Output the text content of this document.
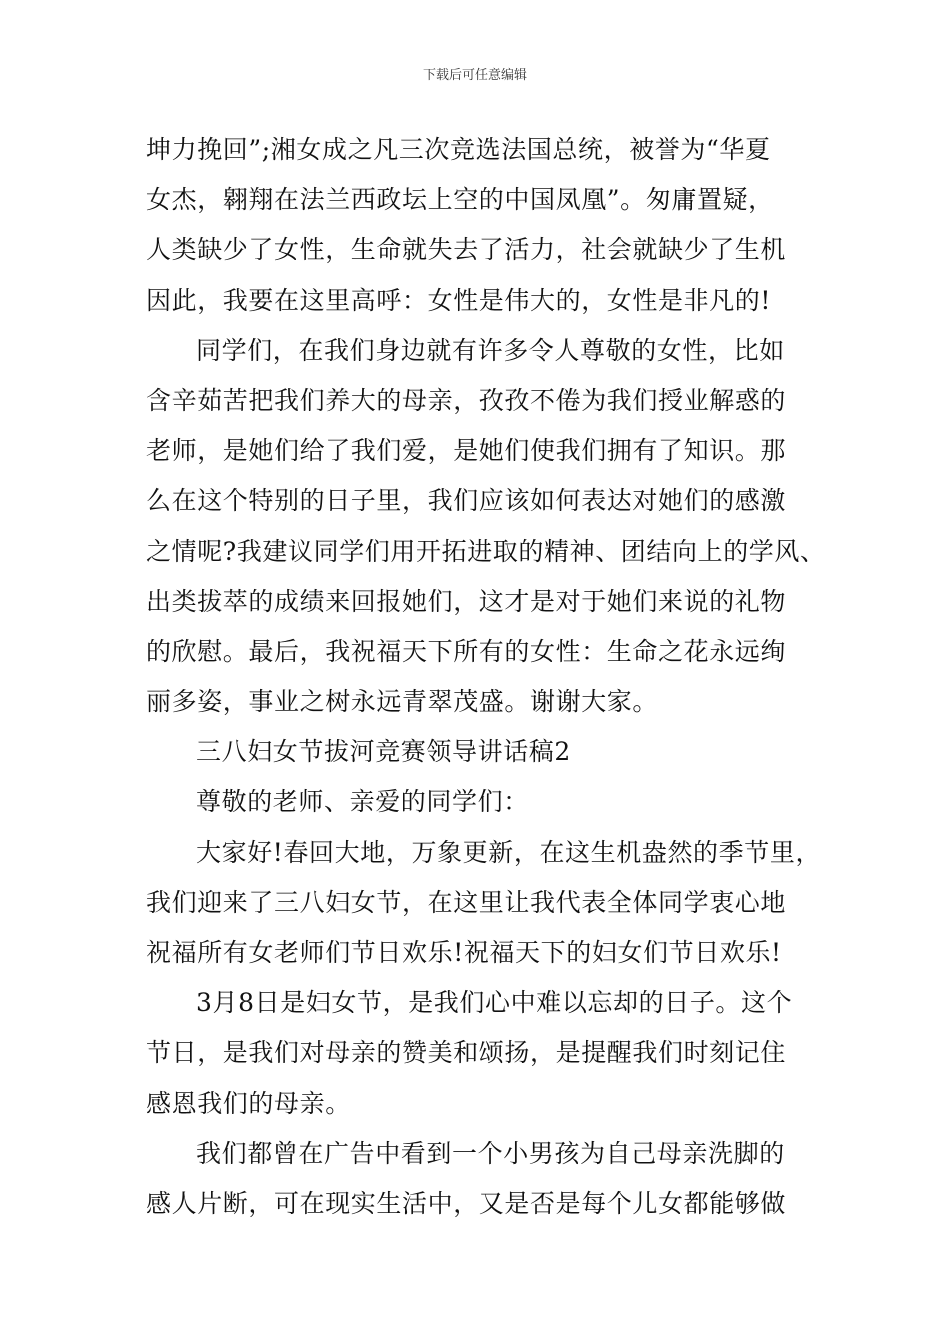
下载后可任意编辑
坤力挽回”;湘女成之凡三次竞选法国总统，被誉为“华夏
女杰，翱翔在法兰西政坛上空的中国凤凰”。匆庸置疑，
人类缺少了女性，生命就失去了活力，社会就缺少了生机
因此，我要在这里高呼：女性是伟大的，女性是非凡的!
同学们，在我们身边就有许多令人尊敬的女性，比如
含辛茹苦把我们养大的母亲，孜孜不倦为我们授业解惑的
老师，是她们给了我们爱，是她们使我们拥有了知识。那
么在这个特别的日子里，我们应该如何表达对她们的感激
之情呢?我建议同学们用开拓进取的精神、团结向上的学风、
出类拔萃的成绩来回报她们，这才是对于她们来说的礼物
的欣慰。最后，我祝福天下所有的女性：生命之花永远绚
丽多姿，事业之树永远青翠茂盛。谢谢大家。
三八妇女节拔河竞赛领导讲话稿2
尊敬的老师、亲爱的同学们：
大家好!春回大地，万象更新，在这生机盎然的季节里，
我们迎来了三八妇女节，在这里让我代表全体同学衷心地
祝福所有女老师们节日欢乐!祝福天下的妇女们节日欢乐!
3月8日是妇女节，是我们心中难以忘却的日子。这个
节日，是我们对母亲的赞美和颂扬，是提醒我们时刻记住
感恩我们的母亲。
我们都曾在广告中看到一个小男孩为自己母亲洗脚的
感人片断，可在现实生活中，又是否是每个儿女都能够做
